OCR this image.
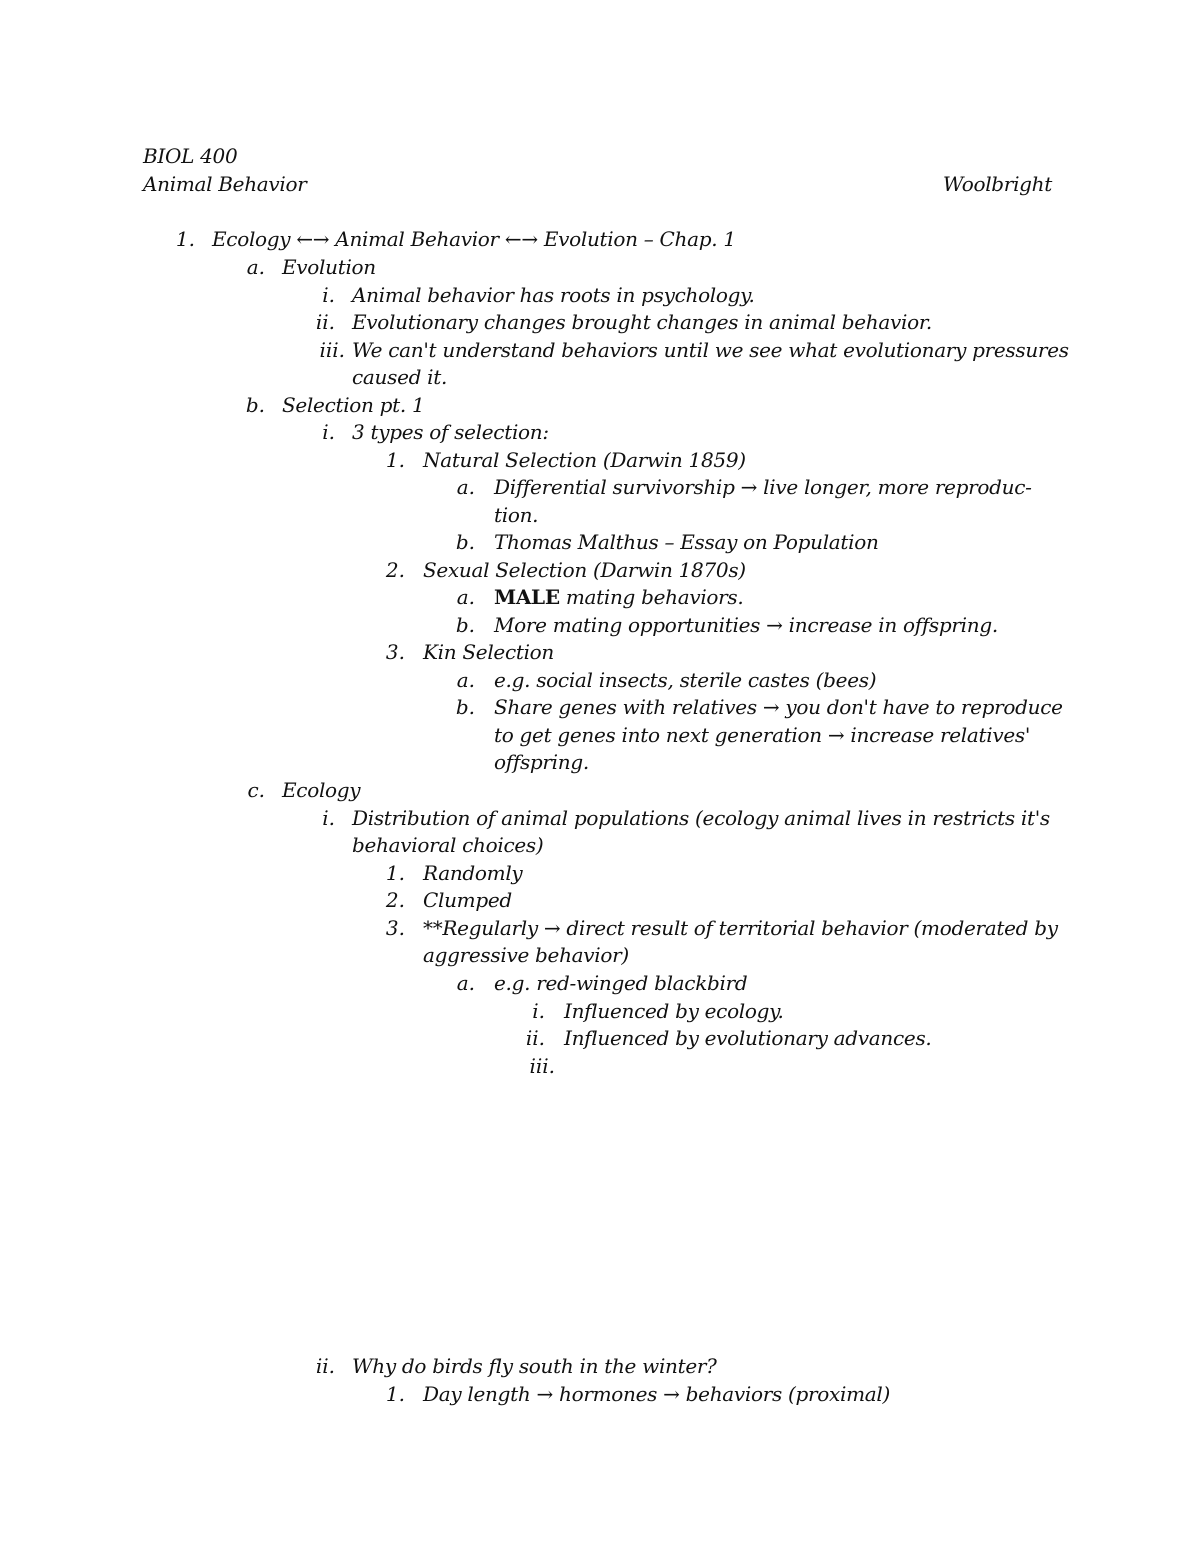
BIOL 400
Animal Behavior	Woolbright
1. Ecology ←→ Animal Behavior ←→ Evolution – Chap. 1
a. Evolution
i. Animal behavior has roots in psychology.
ii. Evolutionary changes brought changes in animal behavior.
iii. We can't understand behaviors until we see what evolutionary pressures
caused it.
b. Selection pt. 1
i. 3 types of selection:
1. Natural Selection (Darwin 1859)
a. Differential survivorship → live longer, more reproduc-
tion.
b. Thomas Malthus – Essay on Population
2. Sexual Selection (Darwin 1870s)
a. MALE mating behaviors.
b. More mating opportunities → increase in offspring.
3. Kin Selection
a. e.g. social insects, sterile castes (bees)
b. Share genes with relatives → you don't have to reproduce
to get genes into next generation → increase relatives'
offspring.
c. Ecology
i. Distribution of animal populations (ecology animal lives in restricts it's
behavioral choices)
1. Randomly
2. Clumped
3. **Regularly → direct result of territorial behavior (moderated by
aggressive behavior)
a. e.g. red-winged blackbird
i. Influenced by ecology.
ii. Influenced by evolutionary advances.
iii.
ii. Why do birds fly south in the winter?
1. Day length → hormones → behaviors (proximal)
